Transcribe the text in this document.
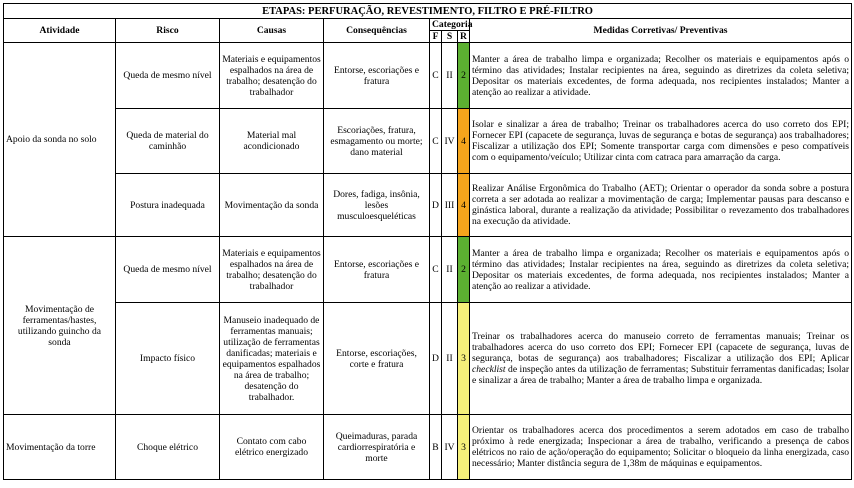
ETAPAS: PERFURAÇÃO, REVESTIMENTO, FILTRO E PRÉ-FILTRO							
Atividade	Risco	Causas	Consequências	Categoria			Medidas Corretivas/ Preventivas
				F	S	R	
Apoio da sonda no solo	Queda de mesmo nível	Materiais e equipamentos espalhados na área de trabalho; desatenção do trabalhador	Entorse, escoriações e fratura	C	II	2	Manter a área de trabalho limpa e organizada; Recolher os materiais e equipamentos após o término das atividades; Instalar recipientes na área, seguindo as diretrizes da coleta seletiva; Depositar os materiais excedentes, de forma adequada, nos recipientes instalados; Manter a atenção ao realizar a atividade.
	Queda de material do caminhão	Material mal acondicionado	Escoriações, fratura, esmagamento ou morte; dano material	C	IV	4	Isolar e sinalizar a área de trabalho; Treinar os trabalhadores acerca do uso correto dos EPI; Fornecer EPI (capacete de segurança, luvas de segurança e botas de segurança) aos trabalhadores; Fiscalizar a utilização dos EPI; Somente transportar carga com dimensões e peso compatíveis com o equipamento/veículo; Utilizar cinta com catraca para amarração da carga.
	Postura inadequada	Movimentação da sonda	Dores, fadiga, insônia, lesões musculoesqueléticas	D	III	4	Realizar Análise Ergonômica do Trabalho (AET); Orientar o operador da sonda sobre a postura correta a ser adotada ao realizar a movimentação de carga; Implementar pausas para descanso e ginástica laboral, durante a realização da atividade; Possibilitar o revezamento dos trabalhadores na execução da atividade.
Movimentação de ferramentas/hastes, utilizando guincho da sonda	Queda de mesmo nível	Materiais e equipamentos espalhados na área de trabalho; desatenção do trabalhador	Entorse, escoriações e fratura	C	II	2	Manter a área de trabalho limpa e organizada; Recolher os materiais e equipamentos após o término das atividades; Instalar recipientes na área, seguindo as diretrizes da coleta seletiva; Depositar os materiais excedentes, de forma adequada, nos recipientes instalados; Manter a atenção ao realizar a atividade.
	Impacto físico	Manuseio inadequado de ferramentas manuais; utilização de ferramentas danificadas; materiais e equipamentos espalhados na área de trabalho; desatenção do trabalhador.	Entorse, escoriações, corte e fratura	D	II	3	Treinar os trabalhadores acerca do manuseio correto de ferramentas manuais; Treinar os trabalhadores acerca do uso correto dos EPI; Fornecer EPI (capacete de segurança, luvas de segurança, botas de segurança) aos trabalhadores; Fiscalizar a utilização dos EPI; Aplicar checklist de inspeção antes da utilização de ferramentas; Substituir ferramentas danificadas; Isolar e sinalizar a área de trabalho; Manter a área de trabalho limpa e organizada.
Movimentação da torre	Choque elétrico	Contato com cabo elétrico energizado	Queimaduras, parada cardiorrespiratória e morte	B	IV	3	Orientar os trabalhadores acerca dos procedimentos a serem adotados em caso de trabalho próximo à rede energizada; Inspecionar a área de trabalho, verificando a presença de cabos elétricos no raio de ação/operação do equipamento; Solicitar o bloqueio da linha energizada, caso necessário; Manter distância segura de 1,38m de máquinas e equipamentos.
